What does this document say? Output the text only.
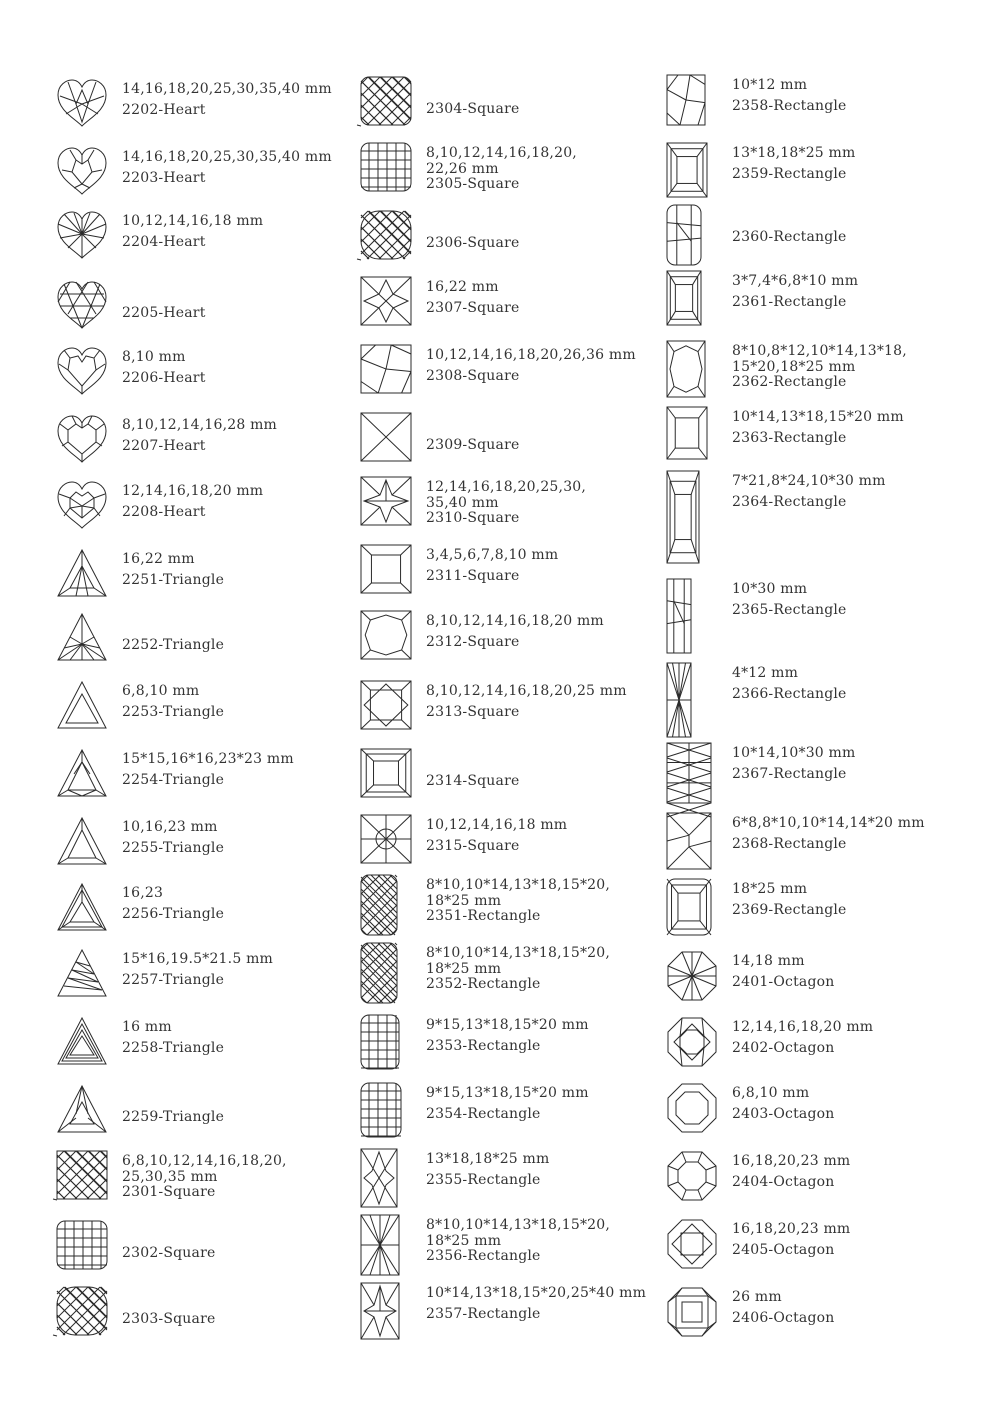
14,16,18,20,25,30,35,40 mm
2202-Heart
14,16,18,20,25,30,35,40 mm
2203-Heart
10,12,14,16,18 mm
2204-Heart
2205-Heart
8,10 mm
2206-Heart
8,10,12,14,16,28 mm
2207-Heart
12,14,16,18,20 mm
2208-Heart
16,22 mm
2251-Triangle
2252-Triangle
6,8,10 mm
2253-Triangle
15*15,16*16,23*23 mm
2254-Triangle
10,16,23 mm
2255-Triangle
16,23
2256-Triangle
15*16,19.5*21.5 mm
2257-Triangle
16 mm
2258-Triangle
2259-Triangle
6,8,10,12,14,16,18,20,
25,30,35 mm
2301-Square
2302-Square
2303-Square
2304-Square
8,10,12,14,16,18,20,
22,26 mm
2305-Square
2306-Square
16,22 mm
2307-Square
10,12,14,16,18,20,26,36 mm
2308-Square
2309-Square
12,14,16,18,20,25,30,
35,40 mm
2310-Square
3,4,5,6,7,8,10 mm
2311-Square
8,10,12,14,16,18,20 mm
2312-Square
8,10,12,14,16,18,20,25 mm
2313-Square
2314-Square
10,12,14,16,18 mm
2315-Square
8*10,10*14,13*18,15*20,
18*25 mm
2351-Rectangle
8*10,10*14,13*18,15*20,
18*25 mm
2352-Rectangle
9*15,13*18,15*20 mm
2353-Rectangle
9*15,13*18,15*20 mm
2354-Rectangle
13*18,18*25 mm
2355-Rectangle
8*10,10*14,13*18,15*20,
18*25 mm
2356-Rectangle
10*14,13*18,15*20,25*40 mm
2357-Rectangle
10*12 mm
2358-Rectangle
13*18,18*25 mm
2359-Rectangle
2360-Rectangle
3*7,4*6,8*10 mm
2361-Rectangle
8*10,8*12,10*14,13*18,
15*20,18*25 mm
2362-Rectangle
10*14,13*18,15*20 mm
2363-Rectangle
7*21,8*24,10*30 mm
2364-Rectangle
10*30 mm
2365-Rectangle
4*12 mm
2366-Rectangle
10*14,10*30 mm
2367-Rectangle
6*8,8*10,10*14,14*20 mm
2368-Rectangle
18*25 mm
2369-Rectangle
14,18 mm
2401-Octagon
12,14,16,18,20 mm
2402-Octagon
6,8,10 mm
2403-Octagon
16,18,20,23 mm
2404-Octagon
16,18,20,23 mm
2405-Octagon
26 mm
2406-Octagon
